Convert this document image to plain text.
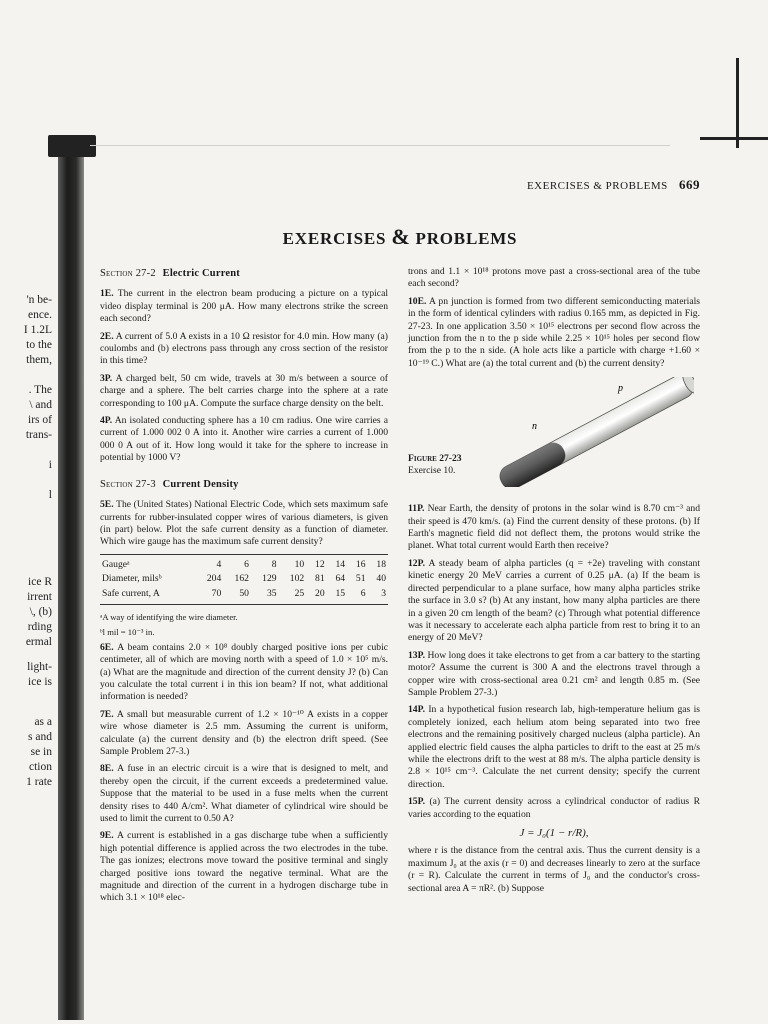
'n be-
ence.
I 1.2L
to the
them,
. The
\ and
irs of
trans-
i
l
ice R
irrent
\, (b)
rding
ermal
light-
ice is
as a
s and
se in
ction
1 rate
EXERCISES & PROBLEMS 669
EXERCISES & PROBLEMS
Section 27-2 Electric Current

1E. The current in the electron beam producing a picture on a typical video display terminal is 200 μA. How many electrons strike the screen each second?

2E. A current of 5.0 A exists in a 10 Ω resistor for 4.0 min. How many (a) coulombs and (b) electrons pass through any cross section of the resistor in this time?

3P. A charged belt, 50 cm wide, travels at 30 m/s between a source of charge and a sphere. The belt carries charge into the sphere at a rate corresponding to 100 μA. Compute the surface charge density on the belt.

4P. An isolated conducting sphere has a 10 cm radius. One wire carries a current of 1.000 002 0 A into it. Another wire carries a current of 1.000 000 0 A out of it. How long would it take for the sphere to increase in potential by 1000 V?

Section 27-3 Current Density

5E. The (United States) National Electric Code, which sets maximum safe currents for rubber-insulated copper wires of various diameters, is given (in part) below. Plot the safe current density as a function of diameter. Which wire gauge has the maximum safe current density?

Gaugeᵃ	4	6	8	10	12	14	16	18
Diameter, milsᵇ	204	162	129	102	81	64	51	40
Safe current, A	70	50	35	25	20	15	6	3
ᵃA way of identifying the wire diameter.
ᵇl mil = 10⁻³ in.

6E. A beam contains 2.0 × 10⁸ doubly charged positive ions per cubic centimeter, all of which are moving north with a speed of 1.0 × 10⁵ m/s. (a) What are the magnitude and direction of the current density J? (b) Can you calculate the total current i in this ion beam? If not, what additional information is needed?

7E. A small but measurable current of 1.2 × 10⁻¹⁰ A exists in a copper wire whose diameter is 2.5 mm. Assuming the current is uniform, calculate (a) the current density and (b) the electron drift speed. (See Sample Problem 27-3.)

8E. A fuse in an electric circuit is a wire that is designed to melt, and thereby open the circuit, if the current exceeds a predetermined value. Suppose that the material to be used in a fuse melts when the current density rises to 440 A/cm². What diameter of cylindrical wire should be used to limit the current to 0.50 A?

9E. A current is established in a gas discharge tube when a sufficiently high potential difference is applied across the two electrodes in the tube. The gas ionizes; electrons move toward the positive terminal and singly charged positive ions toward the negative terminal. What are the magnitude and direction of the current in a hydrogen discharge tube in which 3.1 × 10¹⁸ elec-

trons and 1.1 × 10¹⁸ protons move past a cross-sectional area of the tube each second?

10E. A pn junction is formed from two different semiconducting materials in the form of identical cylinders with radius 0.165 mm, as depicted in Fig. 27-23. In one application 3.50 × 10¹⁵ electrons per second flow across the junction from the n to the p side while 2.25 × 10¹⁵ holes per second flow from the p to the n side. (A hole acts like a particle with charge +1.60 × 10⁻¹⁹ C.) What are (a) the total current and (b) the current density?

Figure 27-23
Exercise 10.
p
n

11P. Near Earth, the density of protons in the solar wind is 8.70 cm⁻³ and their speed is 470 km/s. (a) Find the current density of these protons. (b) If Earth's magnetic field did not deflect them, the protons would strike the planet. What total current would Earth then receive?

12P. A steady beam of alpha particles (q = +2e) traveling with constant kinetic energy 20 MeV carries a current of 0.25 μA. (a) If the beam is directed perpendicular to a plane surface, how many alpha particles strike the surface in 3.0 s? (b) At any instant, how many alpha particles are there in a given 20 cm length of the beam? (c) Through what potential difference was it necessary to accelerate each alpha particle from rest to bring it to an energy of 20 MeV?

13P. How long does it take electrons to get from a car battery to the starting motor? Assume the current is 300 A and the electrons travel through a copper wire with cross-sectional area 0.21 cm² and length 0.85 m. (See Sample Problem 27-3.)

14P. In a hypothetical fusion research lab, high-temperature helium gas is completely ionized, each helium atom being separated into two free electrons and the remaining positively charged nucleus (alpha particle). An applied electric field causes the alpha particles to drift to the east at 25 m/s while the electrons drift to the west at 88 m/s. The alpha particle density is 2.8 × 10¹⁵ cm⁻³. Calculate the net current density; specify the current direction.

15P. (a) The current density across a cylindrical conductor of radius R varies according to the equation

J = J₀(1 − r/R),

where r is the distance from the central axis. Thus the current density is a maximum J₀ at the axis (r = 0) and decreases linearly to zero at the surface (r = R). Calculate the current in terms of J₀ and the conductor's cross-sectional area A = πR². (b) Suppose
